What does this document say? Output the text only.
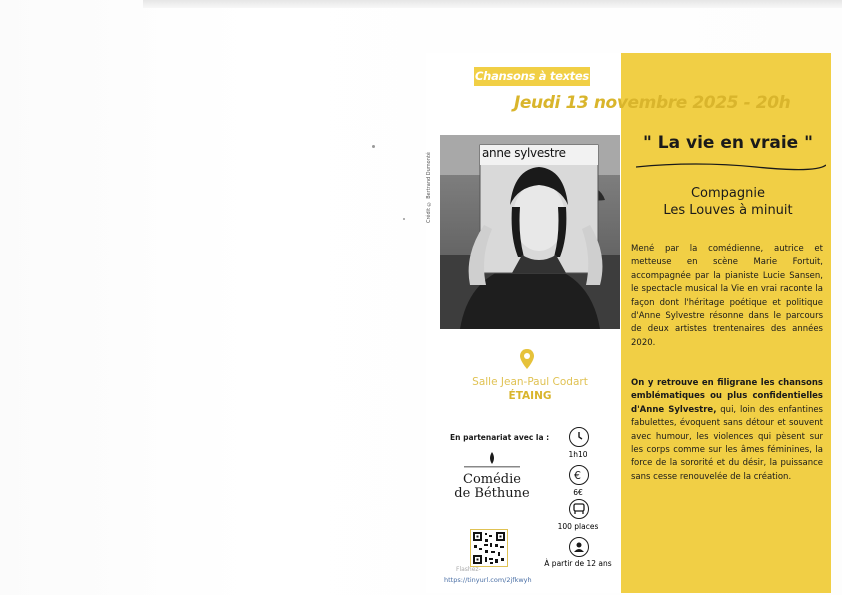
Chansons à textes
Jeudi 13 novembre 2025 - 20h
Crédit © Bertrand Dumonté	anne sylvestre	" La vie en vraie "
Compagnie
Les Louves à minuit
Mené par la comédienne, autrice et metteuse en scène Marie Fortuit, accompagnée par la pianiste Lucie Sansen, le spectacle musical la Vie en vrai raconte la façon dont l'héritage poétique et politique d'Anne Sylvestre résonne dans le parcours de deux artistes trentenaires des années 2020.
On y retrouve en filigrane les chansons emblématiques ou plus confidentielles d'Anne Sylvestre, qui, loin des enfantines fabulettes, évoquent sans détour et souvent avec humour, les violences qui pèsent sur les corps comme sur les âmes féminines, la force de la sororité et du désir, la puissance sans cesse renouvelée de la création.
Salle Jean-Paul Codart
ÉTAING
En partenariat avec la :
Comédie
de Béthune
Flashez-
https://tinyurl.com/2jfkwyh
1h10
€
6€
100 places
À partir de 12 ans
